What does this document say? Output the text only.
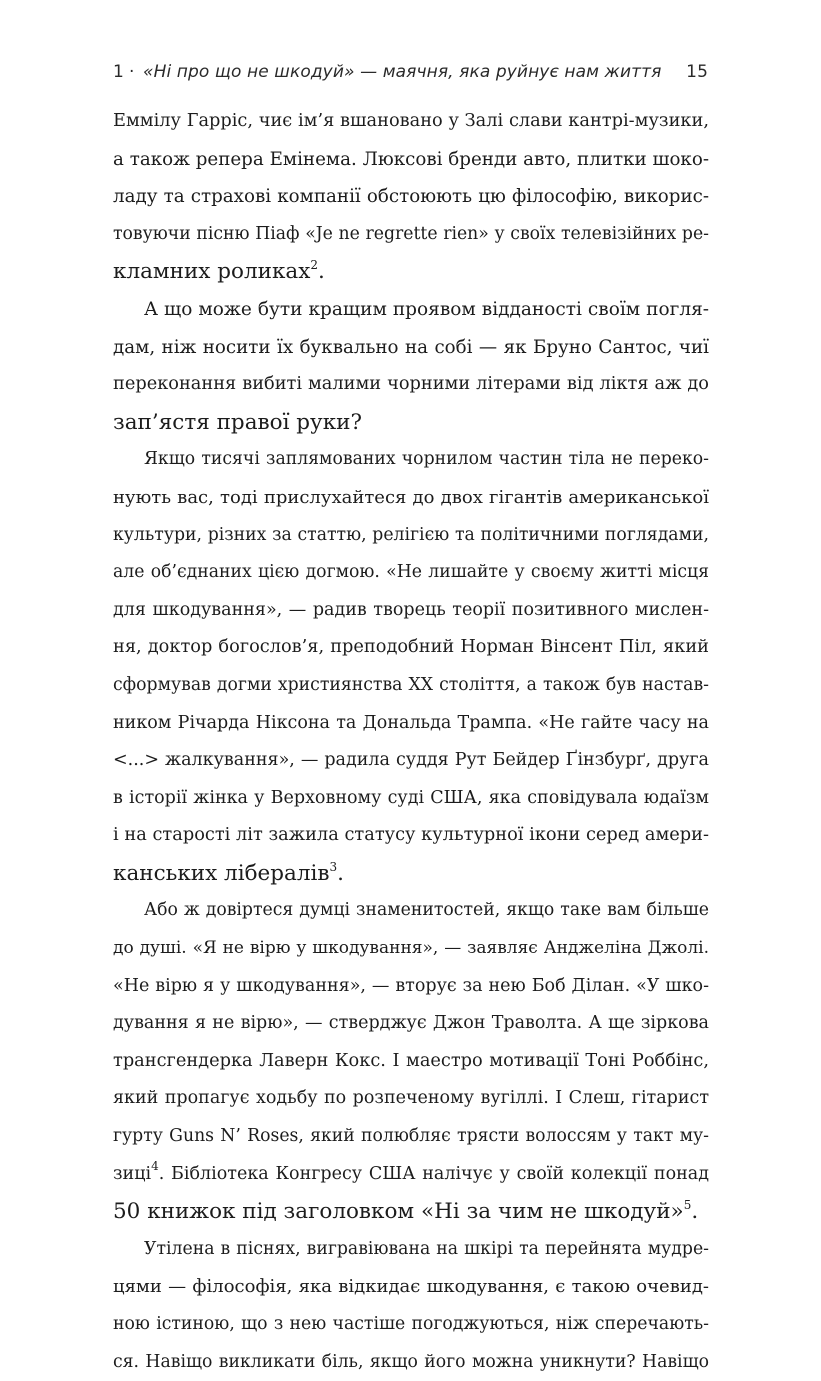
1 · «Ні про що не шкодуй» — маячня, яка руйнує нам життя 15
Еммілу Гарріс, чиє ім’я вшановано у Залі слави кантрі-музики,
а також репера Емінема. Люксові бренди авто, плитки шоко-
ладу та страхові компанії обстоюють цю філософію, викорис-
товуючи пісню Піаф «Je ne regrette rien» у своїх телевізійних ре-
кламних роликах$^2$.
А що може бути кращим проявом відданості своїм погля-
дам, ніж носити їх буквально на собі — як Бруно Сантос, чиї
переконання вибиті малими чорними літерами від ліктя аж до
зап’ястя правої руки?
Якщо тисячі заплямованих чорнилом частин тіла не переко-
нують вас, тоді прислухайтеся до двох гігантів американської
культури, різних за статтю, релігією та політичними поглядами,
але об’єднаних цією догмою. «Не лишайте у своєму житті місця
для шкодування», — радив творець теорії позитивного мислен-
ня, доктор богослов’я, преподобний Норман Вінсент Піл, який
сформував догми християнства XX століття, а також був настав-
ником Річарда Ніксона та Дональда Трампа. «Не гайте часу на
<...> жалкування», — радила суддя Рут Бейдер Ґінзбурґ, друга
в історії жінка у Верховному суді США, яка сповідувала юдаїзм
і на старості літ зажила статусу культурної ікони серед амери-
канських лібералів$^3$.
Або ж довіртеся думці знаменитостей, якщо таке вам більше
до душі. «Я не вірю у шкодування», — заявляє Анджеліна Джолі.
«Не вірю я у шкодування», — вторує за нею Боб Ділан. «У шко-
дування я не вірю», — стверджує Джон Траволта. А ще зіркова
трансгендерка Лаверн Кокс. І маестро мотивації Тоні Роббінс,
який пропагує ходьбу по розпеченому вугіллі. І Слеш, гітарист
гурту Guns N’ Roses, який полюбляє трясти волоссям у такт му-
зиці$^4$. Бібліотека Конгресу США налічує у своїй колекції понад
50 книжок під заголовком «Ні за чим не шкодуй»$^5$.
Утілена в піснях, вигравіювана на шкірі та перейнята мудре-
цями — філософія, яка відкидає шкодування, є такою очевид-
ною істиною, що з нею частіше погоджуються, ніж сперечають-
ся. Навіщо викликати біль, якщо його можна уникнути? Навіщо
